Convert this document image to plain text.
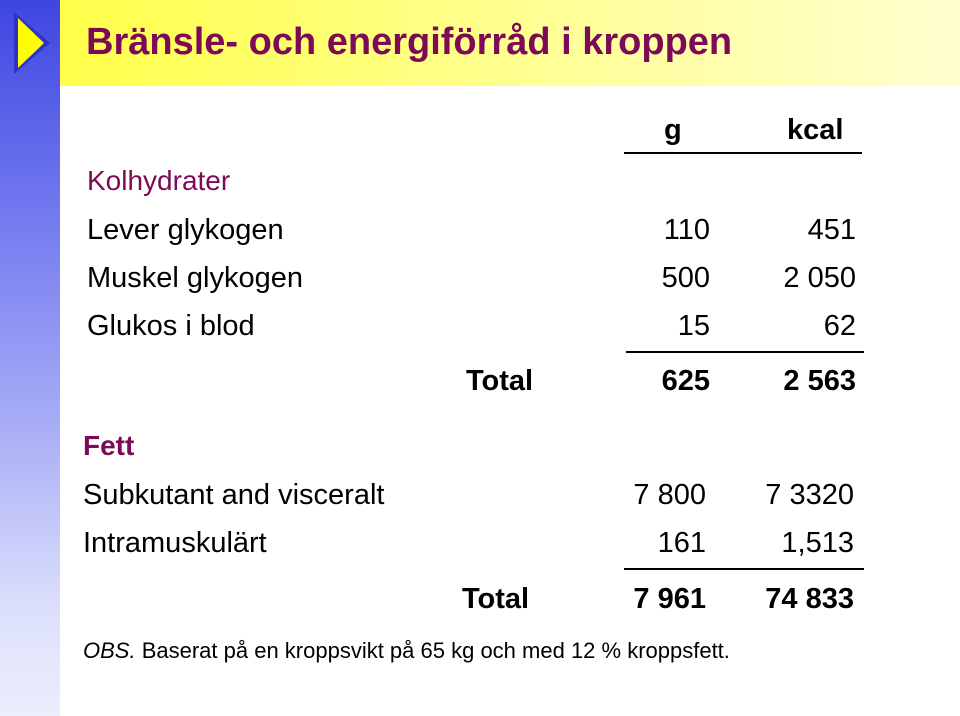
Bränsle- och energiförråd i kroppen
g	kcal
Kolhydrater
Lever glykogen	110	451
Muskel glykogen	500	2 050
Glukos i blod	15	62
Total	625	2 563
Fett
Subkutant and visceralt	7 800	7 3320
Intramuskulärt	161	1,513
Total	7 961	74 833
OBS. Baserat på en kroppsvikt på 65 kg och med 12 % kroppsfett.
